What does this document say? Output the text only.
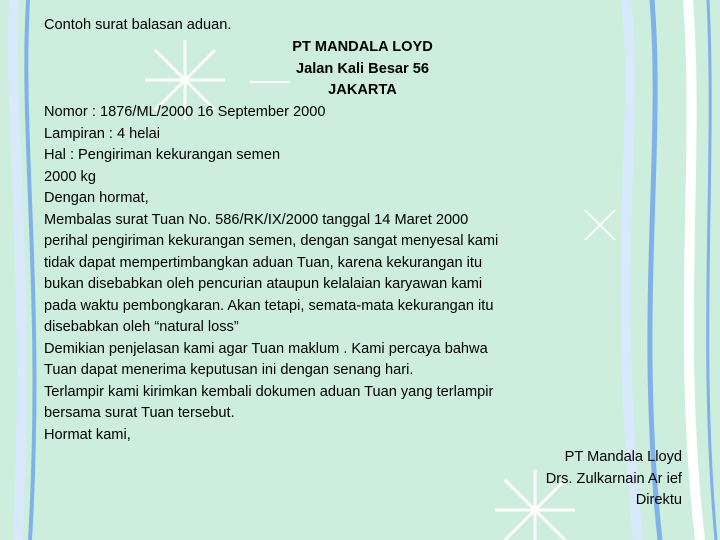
Contoh surat balasan aduan.

PT MANDALA LOYD

Jalan Kali Besar 56

JAKARTA

Nomor : 1876/ML/2000 16 September 2000

Lampiran : 4 helai

Hal : Pengiriman kekurangan semen

2000 kg

Dengan hormat,

Membalas surat Tuan No. 586/RK/IX/2000 tanggal 14 Maret 2000

perihal pengiriman kekurangan semen, dengan sangat menyesal kami

tidak dapat mempertimbangkan aduan Tuan, karena kekurangan itu

bukan disebabkan oleh pencurian ataupun kelalaian karyawan kami

pada waktu pembongkaran. Akan tetapi, semata-mata kekurangan itu

disebabkan oleh “natural loss”

Demikian penjelasan kami agar Tuan maklum . Kami percaya bahwa

Tuan dapat menerima keputusan ini dengan senang hari.

Terlampir kami kirimkan kembali dokumen aduan Tuan yang terlampir

bersama surat Tuan tersebut.

Hormat kami,

PT Mandala Lloyd

Drs. Zulkarnain Ar ief

Direktu
